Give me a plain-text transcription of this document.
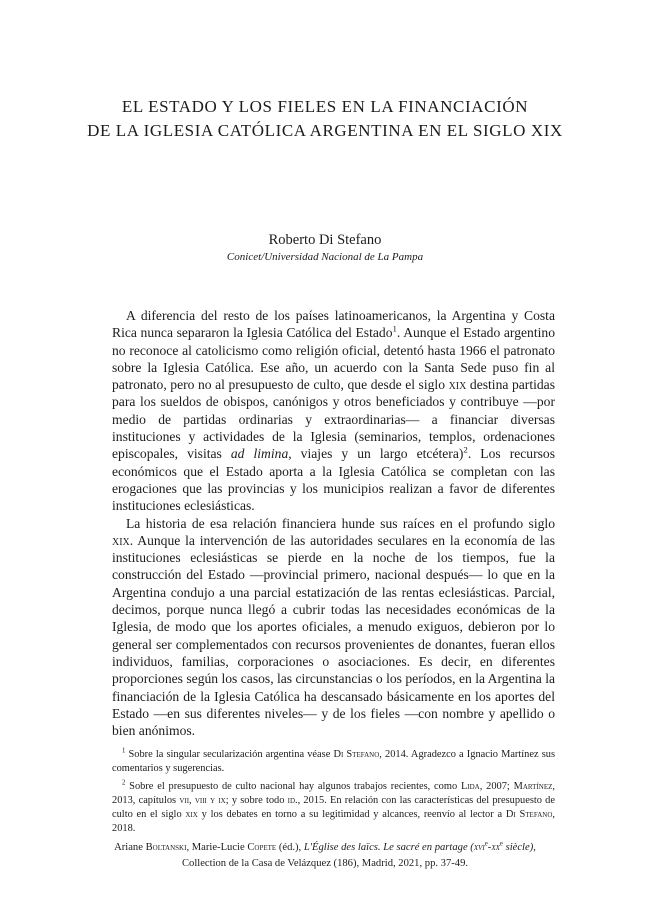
EL ESTADO Y LOS FIELES EN LA FINANCIACIÓN
DE LA IGLESIA CATÓLICA ARGENTINA EN EL SIGLO XIX
Roberto Di Stefano
Conicet/Universidad Nacional de La Pampa

A diferencia del resto de los países latinoamericanos, la Argentina y Costa Rica nunca separaron la Iglesia Católica del Estado$^1$. Aunque el Estado argentino no reconoce al catolicismo como religión oficial, detentó hasta 1966 el patronato sobre la Iglesia Católica. Ese año, un acuerdo con la Santa Sede puso fin al patronato, pero no al presupuesto de culto, que desde el siglo xix destina partidas para los sueldos de obispos, canónigos y otros beneficiados y contribuye —por medio de partidas ordinarias y extraordinarias— a financiar diversas instituciones y actividades de la Iglesia (seminarios, templos, ordenaciones episcopales, visitas ad limina, viajes y un largo etcétera)$^2$. Los recursos económicos que el Estado aporta a la Iglesia Católica se completan con las erogaciones que las provincias y los municipios realizan a favor de diferentes instituciones eclesiásticas.

La historia de esa relación financiera hunde sus raíces en el profundo siglo xix. Aunque la intervención de las autoridades seculares en la economía de las instituciones eclesiásticas se pierde en la noche de los tiempos, fue la construcción del Estado —provincial primero, nacional después— lo que en la Argentina condujo a una parcial estatización de las rentas eclesiásticas. Parcial, decimos, porque nunca llegó a cubrir todas las necesidades económicas de la Iglesia, de modo que los aportes oficiales, a menudo exiguos, debieron por lo general ser complementados con recursos provenientes de donantes, fueran ellos individuos, familias, corporaciones o asociaciones. Es decir, en diferentes proporciones según los casos, las circunstancias o los períodos, en la Argentina la financiación de la Iglesia Católica ha descansado básicamente en los aportes del Estado —en sus diferentes niveles— y de los fieles —con nombre y apellido o bien anónimos.

$^1$ Sobre la singular secularización argentina véase Di Stefano, 2014. Agradezco a Ignacio Martínez sus comentarios y sugerencias.

$^2$ Sobre el presupuesto de culto nacional hay algunos trabajos recientes, como Lida, 2007; Martínez, 2013, capítulos vii, viii y ix; y sobre todo id., 2015. En relación con las características del presupuesto de culto en el siglo xix y los debates en torno a su legitimidad y alcances, reenvío al lector a Di Stefano, 2018.

Ariane Boltanski, Marie-Lucie Copete (éd.), L'Église des laïcs. Le sacré en partage ($xvi^e-xx^e$ siècle),
Collection de la Casa de Velázquez (186), Madrid, 2021, pp. 37-49.
